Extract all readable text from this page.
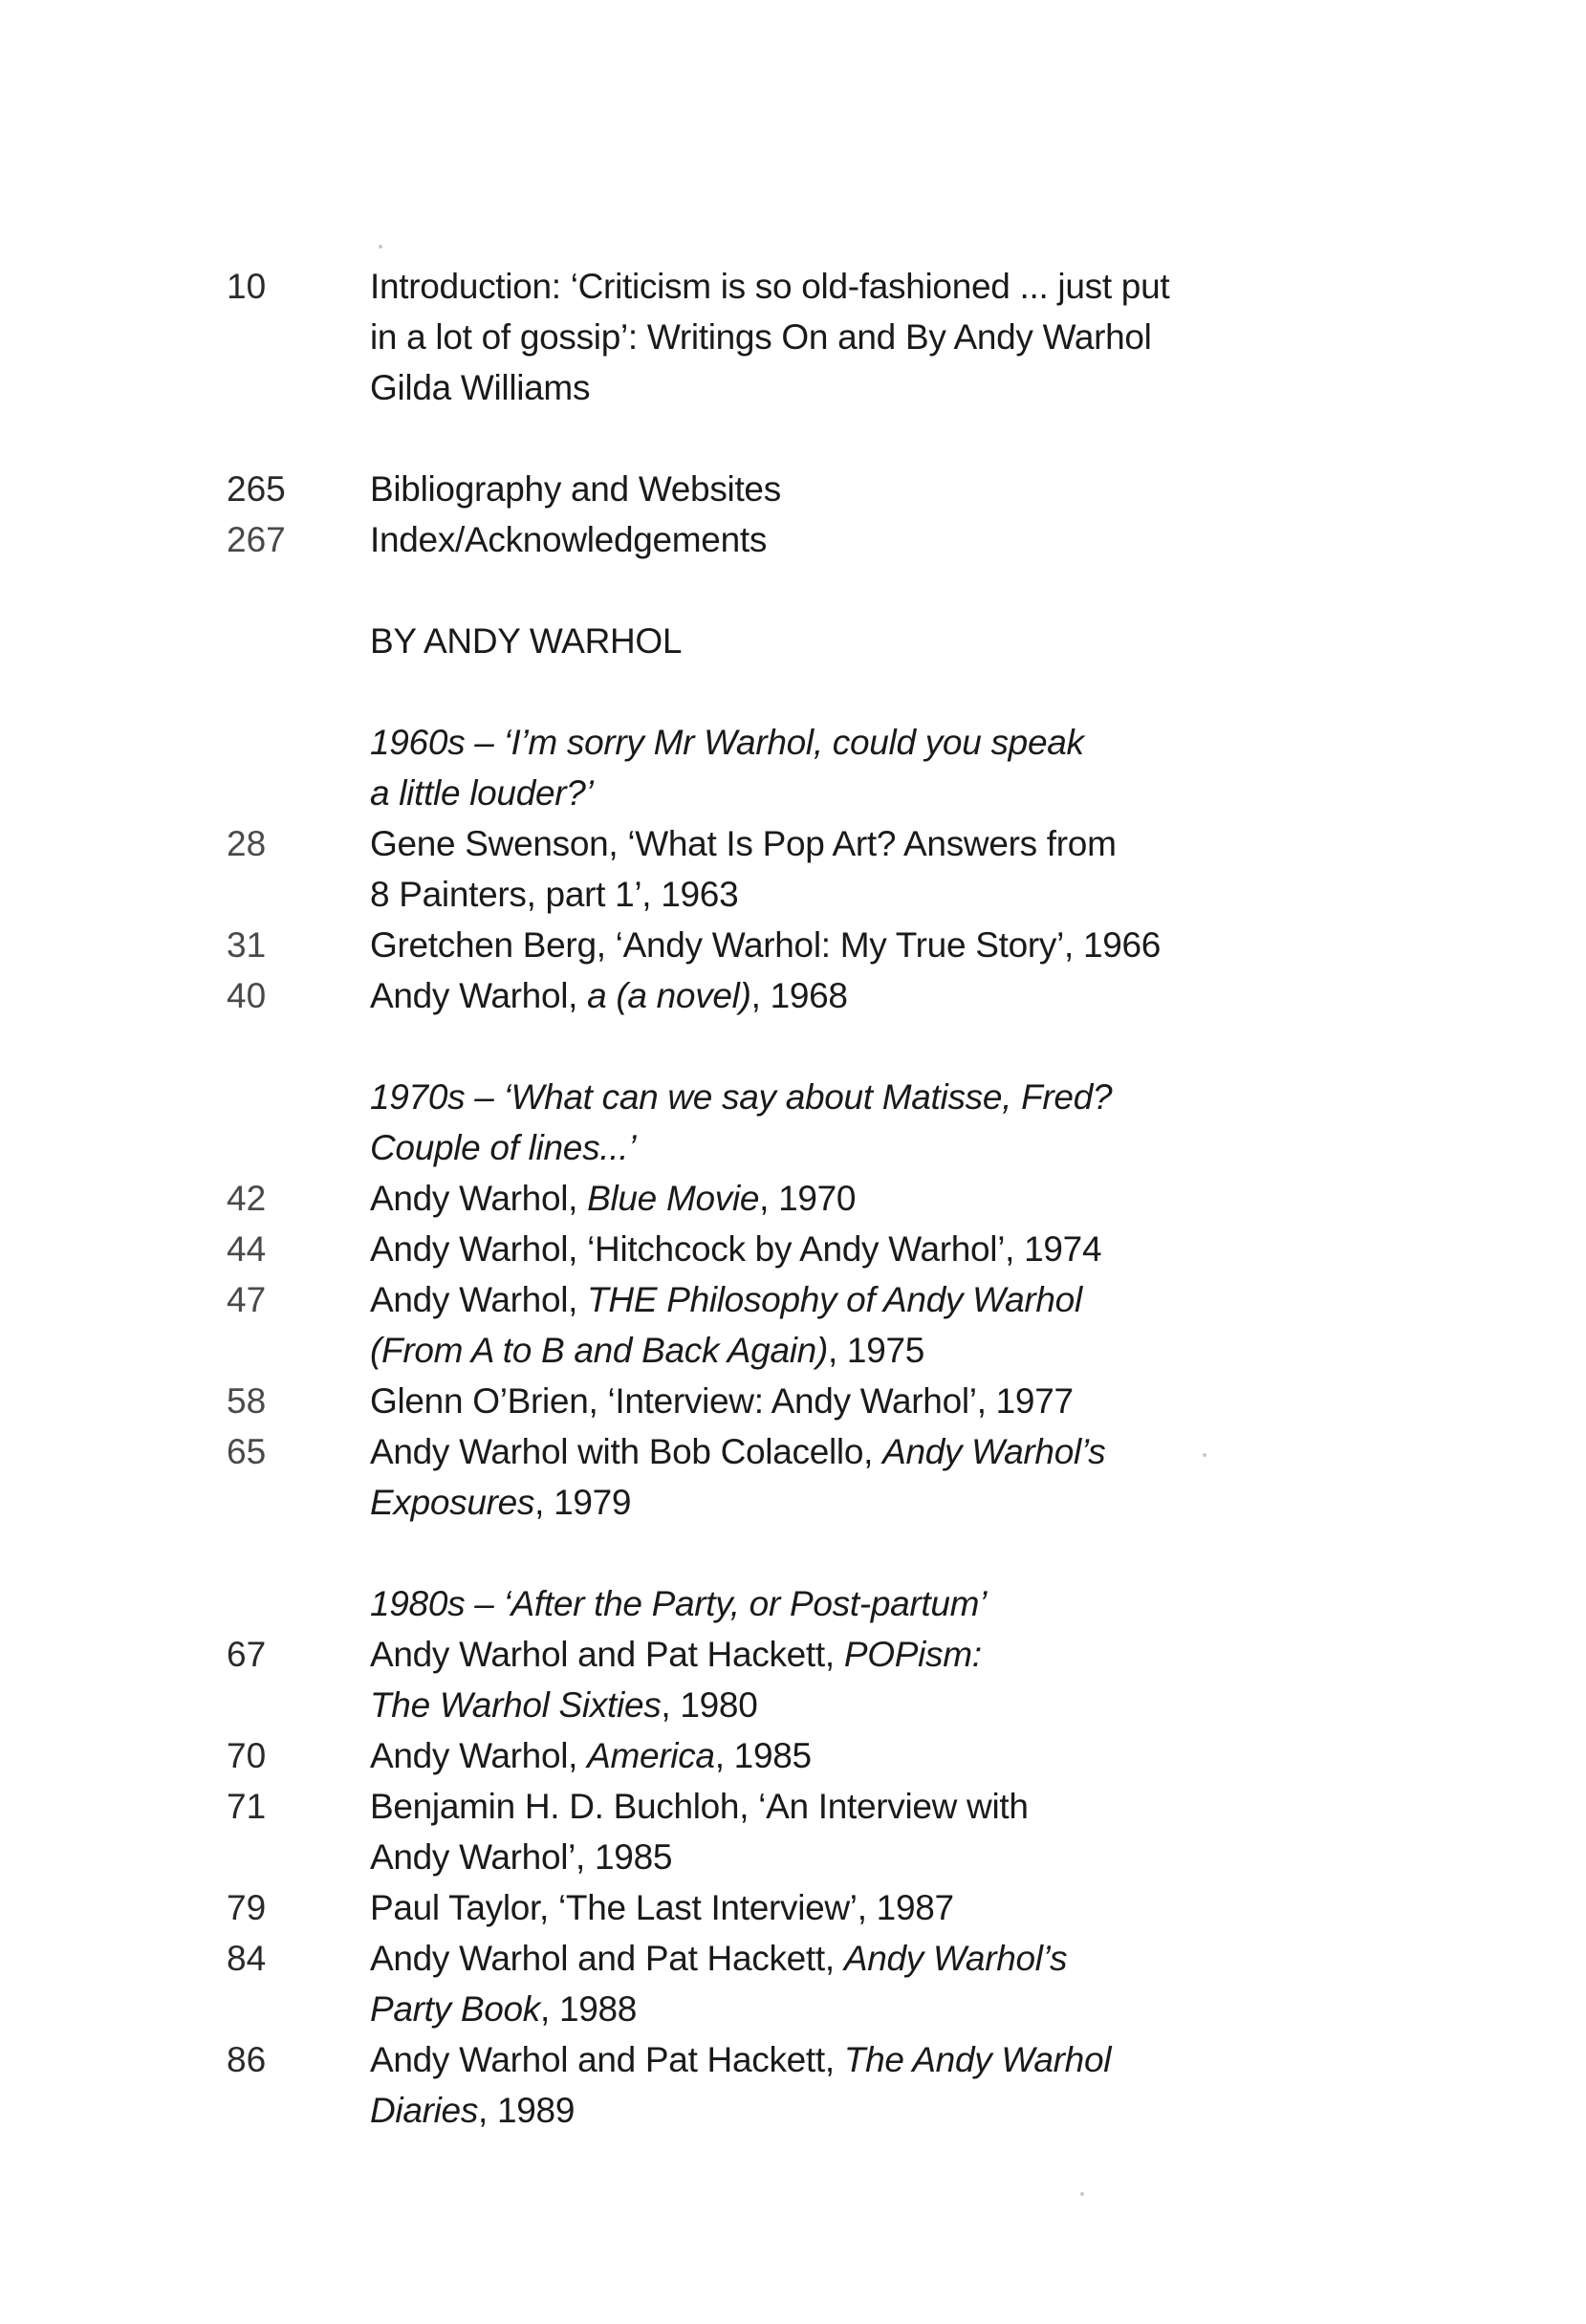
10	Introduction: ‘Criticism is so old-fashioned ... just put
in a lot of gossip’: Writings On and By Andy Warhol
Gilda Williams
265	Bibliography and Websites
267	Index/Acknowledgements
BY ANDY WARHOL
1960s – ‘I’m sorry Mr Warhol, could you speak
a little louder?’
28	Gene Swenson, ‘What Is Pop Art? Answers from
8 Painters, part 1’, 1963
31	Gretchen Berg, ‘Andy Warhol: My True Story’, 1966
40	Andy Warhol, a (a novel), 1968
1970s – ‘What can we say about Matisse, Fred?
Couple of lines...’
42	Andy Warhol, Blue Movie, 1970
44	Andy Warhol, ‘Hitchcock by Andy Warhol’, 1974
47	Andy Warhol, THE Philosophy of Andy Warhol
(From A to B and Back Again), 1975
58	Glenn O’Brien, ‘Interview: Andy Warhol’, 1977
65	Andy Warhol with Bob Colacello, Andy Warhol’s
Exposures, 1979
1980s – ‘After the Party, or Post-partum’
67	Andy Warhol and Pat Hackett, POPism:
The Warhol Sixties, 1980
70	Andy Warhol, America, 1985
71	Benjamin H. D. Buchloh, ‘An Interview with
Andy Warhol’, 1985
79	Paul Taylor, ‘The Last Interview’, 1987
84	Andy Warhol and Pat Hackett, Andy Warhol’s
Party Book, 1988
86	Andy Warhol and Pat Hackett, The Andy Warhol
Diaries, 1989
